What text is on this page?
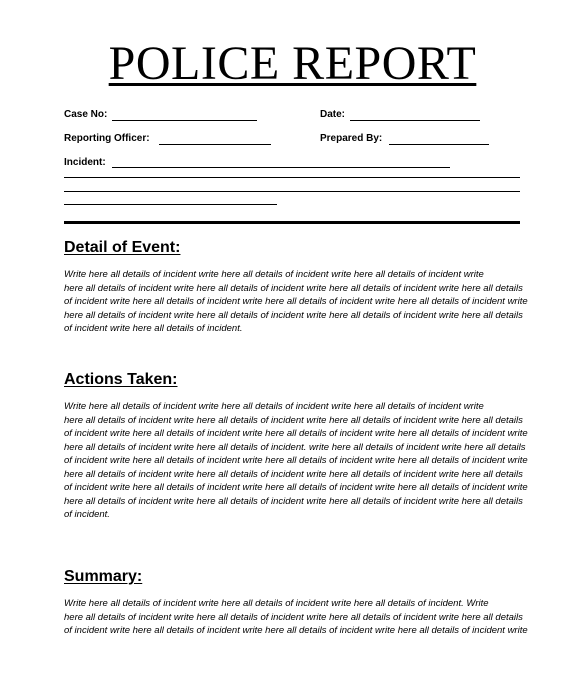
POLICE REPORT
Case No:	Date:
Reporting Officer:	Prepared By:
Incident:
Detail of Event:
Write here all details of incident write here all details of incident write here all details of incident write
here all details of incident write here all details of incident write here all details of incident write here all details
of incident write here all details of incident write here all details of incident write here all details of incident write
here all details of incident write here all details of incident write here all details of incident write here all details
of incident write here all details of incident.
Actions Taken:
Write here all details of incident write here all details of incident write here all details of incident write
here all details of incident write here all details of incident write here all details of incident write here all details
of incident write here all details of incident write here all details of incident write here all details of incident write
here all details of incident write here all details of incident. write here all details of incident write here all details
of incident write here all details of incident write here all details of incident write here all details of incident write
here all details of incident write here all details of incident write here all details of incident write here all details
of incident write here all details of incident write here all details of incident write here all details of incident write
here all details of incident write here all details of incident write here all details of incident write here all details
of incident.
Summary:
Write here all details of incident write here all details of incident write here all details of incident. Write
here all details of incident write here all details of incident write here all details of incident write here all details
of incident write here all details of incident write here all details of incident write here all details of incident write
